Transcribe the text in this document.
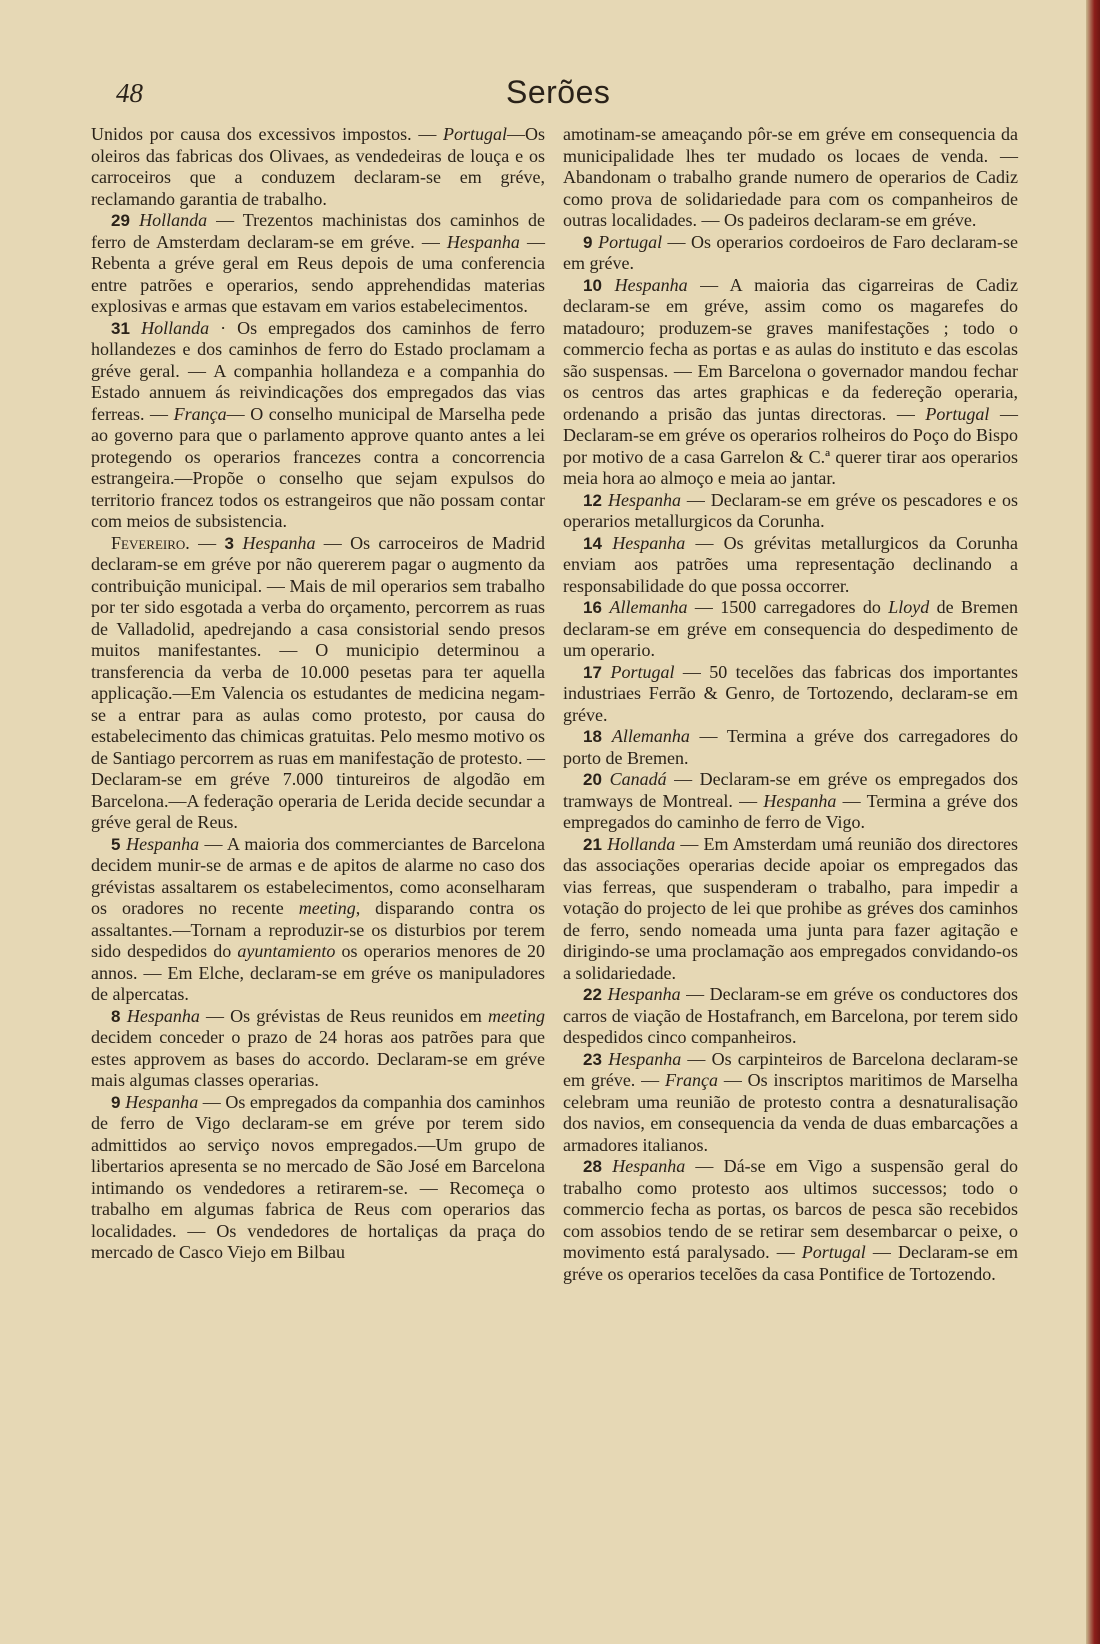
48	Serões

Unidos por causa dos excessivos impostos. — Portugal—Os oleiros das fabricas dos Olivaes, as vendedeiras de louça e os carroceiros que a conduzem declaram-se em gréve, reclamando garantia de trabalho.

29 Hollanda — Trezentos machinistas dos caminhos de ferro de Amsterdam declaram-se em gréve. — Hespanha — Rebenta a gréve geral em Reus depois de uma conferencia entre patrões e operarios, sendo apprehendidas materias explosivas e armas que estavam em varios estabelecimentos.

31 Hollanda · Os empregados dos caminhos de ferro hollandezes e dos caminhos de ferro do Estado proclamam a gréve geral. — A companhia hollandeza e a companhia do Estado annuem ás reivindicações dos empregados das vias ferreas. — França— O conselho municipal de Marselha pede ao governo para que o parlamento approve quanto antes a lei protegendo os operarios francezes contra a concorrencia estrangeira.—Propõe o conselho que sejam expulsos do territorio francez todos os estrangeiros que não possam contar com meios de subsistencia.

Fevereiro. — 3 Hespanha — Os carroceiros de Madrid declaram-se em gréve por não quererem pagar o augmento da contribuição municipal. — Mais de mil operarios sem trabalho por ter sido esgotada a verba do orçamento, percorrem as ruas de Valladolid, apedrejando a casa consistorial sendo presos muitos manifestantes. — O municipio determinou a transferencia da verba de 10.000 pesetas para ter aquella applicação.—Em Valencia os estudantes de medicina negam-se a entrar para as aulas como protesto, por causa do estabelecimento das chimicas gratuitas. Pelo mesmo motivo os de Santiago percorrem as ruas em manifestação de protesto. — Declaram-se em gréve 7.000 tintureiros de algodão em Barcelona.—A federação operaria de Lerida decide secundar a gréve geral de Reus.

5 Hespanha — A maioria dos commerciantes de Barcelona decidem munir-se de armas e de apitos de alarme no caso dos grévistas assaltarem os estabelecimentos, como aconselharam os oradores no recente meeting, disparando contra os assaltantes.—Tornam a reproduzir-se os disturbios por terem sido despedidos do ayuntamiento os operarios menores de 20 annos. — Em Elche, declaram-se em gréve os manipuladores de alpercatas.

8 Hespanha — Os grévistas de Reus reunidos em meeting decidem conceder o prazo de 24 horas aos patrões para que estes approvem as bases do accordo. Declaram-se em gréve mais algumas classes operarias.

9 Hespanha — Os empregados da companhia dos caminhos de ferro de Vigo declaram-se em gréve por terem sido admittidos ao serviço novos empregados.—Um grupo de libertarios apresenta se no mercado de São José em Barcelona intimando os vendedores a retirarem-se. — Recomeça o trabalho em algumas fabrica de Reus com operarios das localidades. — Os vendedores de hortaliças da praça do mercado de Casco Viejo em Bilbau

amotinam-se ameaçando pôr-se em gréve em consequencia da municipalidade lhes ter mudado os locaes de venda. — Abandonam o trabalho grande numero de operarios de Cadiz como prova de solidariedade para com os companheiros de outras localidades. — Os padeiros declaram-se em gréve.

9 Portugal — Os operarios cordoeiros de Faro declaram-se em gréve.

10 Hespanha — A maioria das cigarreiras de Cadiz declaram-se em gréve, assim como os magarefes do matadouro; produzem-se graves manifestações ; todo o commercio fecha as portas e as aulas do instituto e das escolas são suspensas. — Em Barcelona o governador mandou fechar os centros das artes graphicas e da federeção operaria, ordenando a prisão das juntas directoras. — Portugal — Declaram-se em gréve os operarios rolheiros do Poço do Bispo por motivo de a casa Garrelon & C.ª querer tirar aos operarios meia hora ao almoço e meia ao jantar.

12 Hespanha — Declaram-se em gréve os pescadores e os operarios metallurgicos da Corunha.

14 Hespanha — Os grévitas metallurgicos da Corunha enviam aos patrões uma representação declinando a responsabilidade do que possa occorrer.

16 Allemanha — 1500 carregadores do Lloyd de Bremen declaram-se em gréve em consequencia do despedimento de um operario.

17 Portugal — 50 tecelões das fabricas dos importantes industriaes Ferrão & Genro, de Tortozendo, declaram-se em gréve.

18 Allemanha — Termina a gréve dos carregadores do porto de Bremen.

20 Canadá — Declaram-se em gréve os empregados dos tramways de Montreal. — Hespanha — Termina a gréve dos empregados do caminho de ferro de Vigo.

21 Hollanda — Em Amsterdam umá reunião dos directores das associações operarias decide apoiar os empregados das vias ferreas, que suspenderam o trabalho, para impedir a votação do projecto de lei que prohibe as gréves dos caminhos de ferro, sendo nomeada uma junta para fazer agitação e dirigindo-se uma proclamação aos empregados convidando-os a solidariedade.

22 Hespanha — Declaram-se em gréve os conductores dos carros de viação de Hostafranch, em Barcelona, por terem sido despedidos cinco companheiros.

23 Hespanha — Os carpinteiros de Barcelona declaram-se em gréve. — França — Os inscriptos maritimos de Marselha celebram uma reunião de protesto contra a desnaturalisação dos navios, em consequencia da venda de duas embarcações a armadores italianos.

28 Hespanha — Dá-se em Vigo a suspensão geral do trabalho como protesto aos ultimos successos; todo o commercio fecha as portas, os barcos de pesca são recebidos com assobios tendo de se retirar sem desembarcar o peixe, o movimento está paralysado. — Portugal — Declaram-se em gréve os operarios tecelões da casa Pontifice de Tortozendo.
